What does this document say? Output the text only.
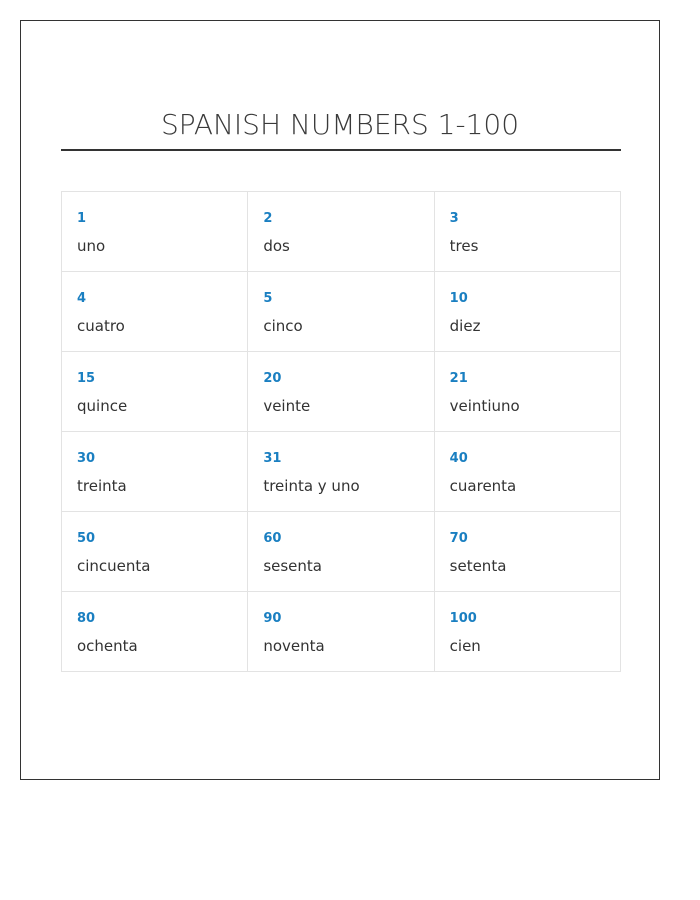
SPANISH NUMBERS 1-100
1
uno	2
dos	3
tres

4
cuatro	5
cinco	10
diez

15
quince	20
veinte	21
veintiuno

30
treinta	31
treinta y uno	40
cuarenta

50
cincuenta	60
sesenta	70
setenta

80
ochenta	90
noventa	100
cien
